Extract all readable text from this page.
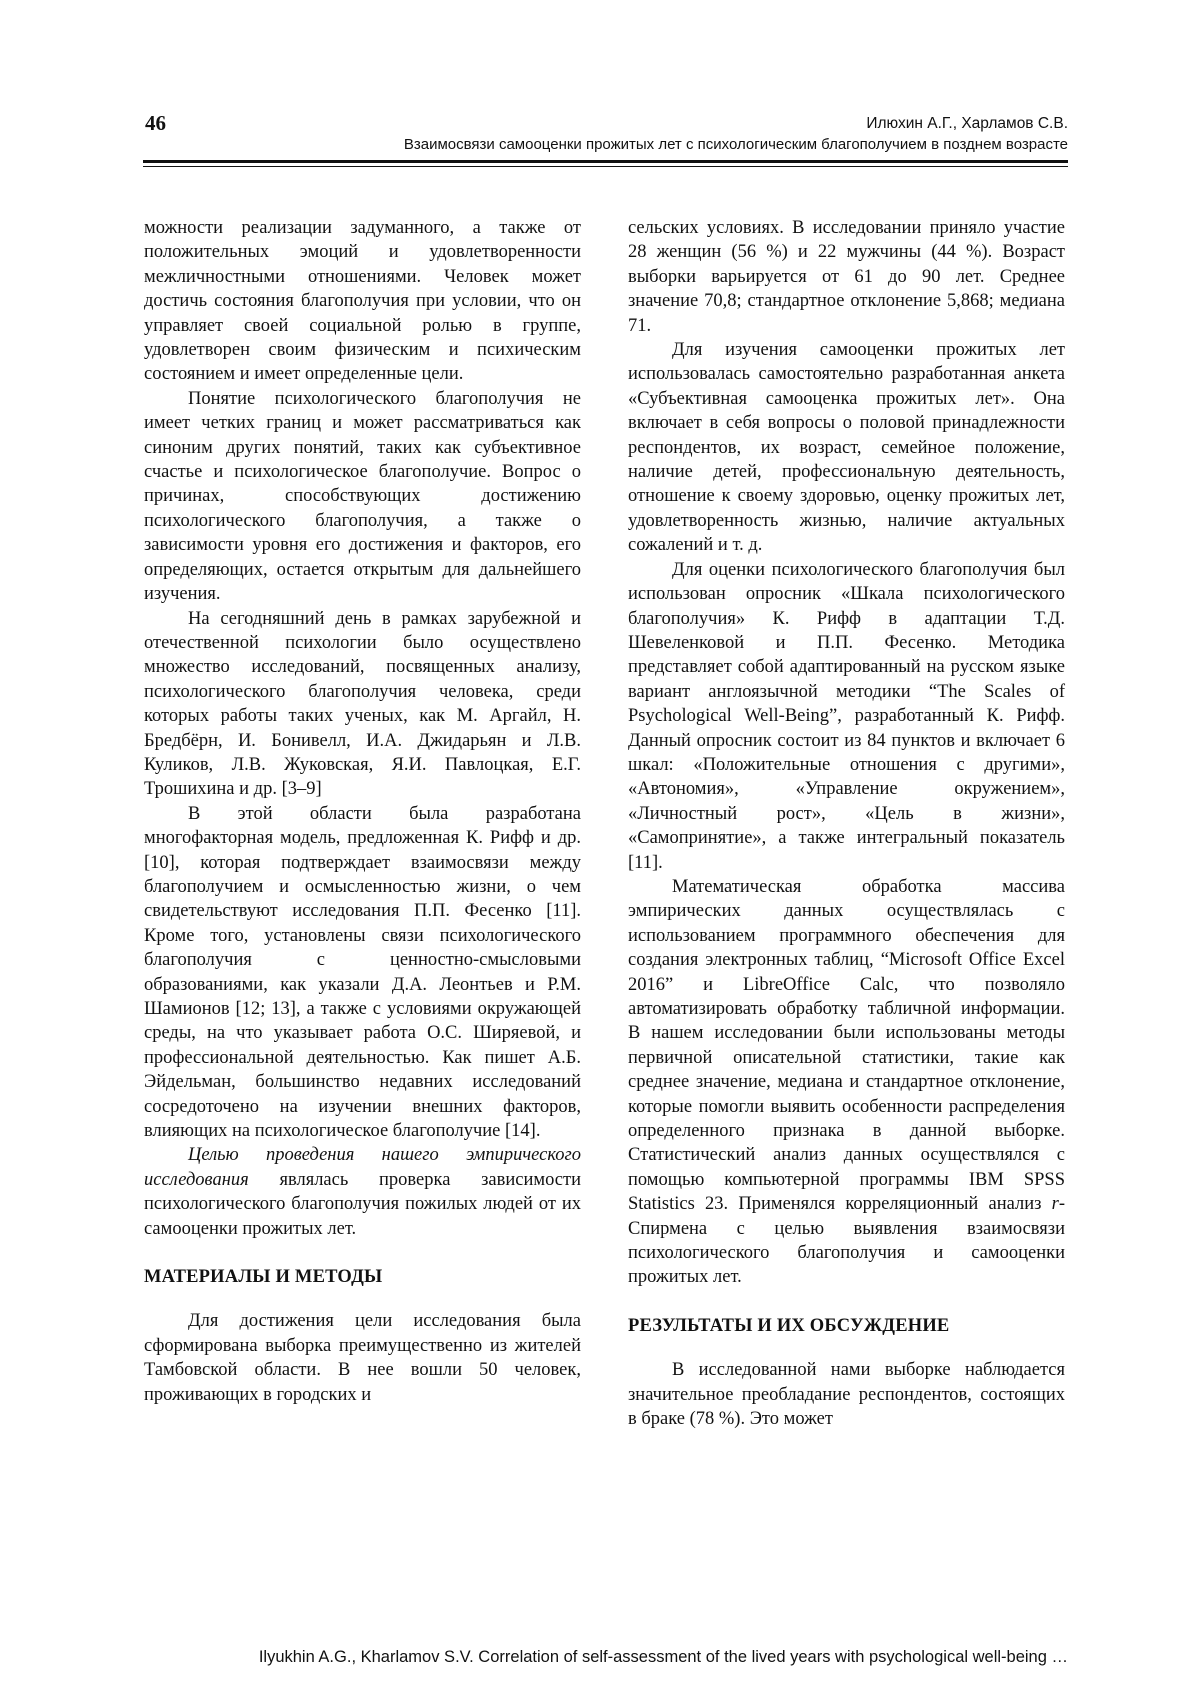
46	Илюхин А.Г., Харламов С.В.
Взаимосвязи самооценки прожитых лет с психологическим благополучием в позднем возрасте

можности реализации задуманного, а также от положительных эмоций и удовлетворенности межличностными отношениями. Человек может достичь состояния благополучия при условии, что он управляет своей социальной ролью в группе, удовлетворен своим физическим и психическим состоянием и имеет определенные цели.

Понятие психологического благополучия не имеет четких границ и может рассматриваться как синоним других понятий, таких как субъективное счастье и психологическое благополучие. Вопрос о причинах, способствующих достижению психологического благополучия, а также о зависимости уровня его достижения и факторов, его определяющих, остается открытым для дальнейшего изучения.

На сегодняшний день в рамках зарубежной и отечественной психологии было осуществлено множество исследований, посвященных анализу, психологического благополучия человека, среди которых работы таких ученых, как М. Аргайл, Н. Бредбёрн, И. Бонивелл, И.А. Джидарьян и Л.В. Куликов, Л.В. Жуковская, Я.И. Павлоцкая, Е.Г. Трошихина и др. [3–9]

В этой области была разработана многофакторная модель, предложенная К. Рифф и др. [10], которая подтверждает взаимосвязи между благополучием и осмысленностью жизни, о чем свидетельствуют исследования П.П. Фесенко [11]. Кроме того, установлены связи психологического благополучия с ценностно-смысловыми образованиями, как указали Д.А. Леонтьев и Р.М. Шамионов [12; 13], а также с условиями окружающей среды, на что указывает работа О.С. Ширяевой, и профессиональной деятельностью. Как пишет А.Б. Эйдельман, большинство недавних исследований сосредоточено на изучении внешних факторов, влияющих на психологическое благополучие [14].

Целью проведения нашего эмпирического исследования являлась проверка зависимости психологического благополучия пожилых людей от их самооценки прожитых лет.

МАТЕРИАЛЫ И МЕТОДЫ

Для достижения цели исследования была сформирована выборка преимущественно из жителей Тамбовской области. В нее вошли 50 человек, проживающих в городских и

сельских условиях. В исследовании приняло участие 28 женщин (56 %) и 22 мужчины (44 %). Возраст выборки варьируется от 61 до 90 лет. Среднее значение 70,8; стандартное отклонение 5,868; медиана 71.

Для изучения самооценки прожитых лет использовалась самостоятельно разработанная анкета «Субъективная самооценка прожитых лет». Она включает в себя вопросы о половой принадлежности респондентов, их возраст, семейное положение, наличие детей, профессиональную деятельность, отношение к своему здоровью, оценку прожитых лет, удовлетворенность жизнью, наличие актуальных сожалений и т. д.

Для оценки психологического благополучия был использован опросник «Шкала психологического благополучия» К. Рифф в адаптации Т.Д. Шевеленковой и П.П. Фесенко. Методика представляет собой адаптированный на русском языке вариант англоязычной методики “The Scales of Psychological Well-Being”, разработанный К. Рифф. Данный опросник состоит из 84 пунктов и включает 6 шкал: «Положительные отношения с другими», «Автономия», «Управление окружением», «Личностный рост», «Цель в жизни», «Самопринятие», а также интегральный показатель [11].

Математическая обработка массива эмпирических данных осуществлялась с использованием программного обеспечения для создания электронных таблиц, “Microsoft Office Excel 2016” и LibreOffice Calc, что позволяло автоматизировать обработку табличной информации. В нашем исследовании были использованы методы первичной описательной статистики, такие как среднее значение, медиана и стандартное отклонение, которые помогли выявить особенности распределения определенного признака в данной выборке. Статистический анализ данных осуществлялся с помощью компьютерной программы IBM SPSS Statistics 23. Применялся корреляционный анализ r-Спирмена с целью выявления взаимосвязи психологического благополучия и самооценки прожитых лет.

РЕЗУЛЬТАТЫ И ИХ ОБСУЖДЕНИЕ

В исследованной нами выборке наблюдается значительное преобладание респондентов, состоящих в браке (78 %). Это может

Ilyukhin A.G., Kharlamov S.V. Correlation of self-assessment of the lived years with psychological well-being …
